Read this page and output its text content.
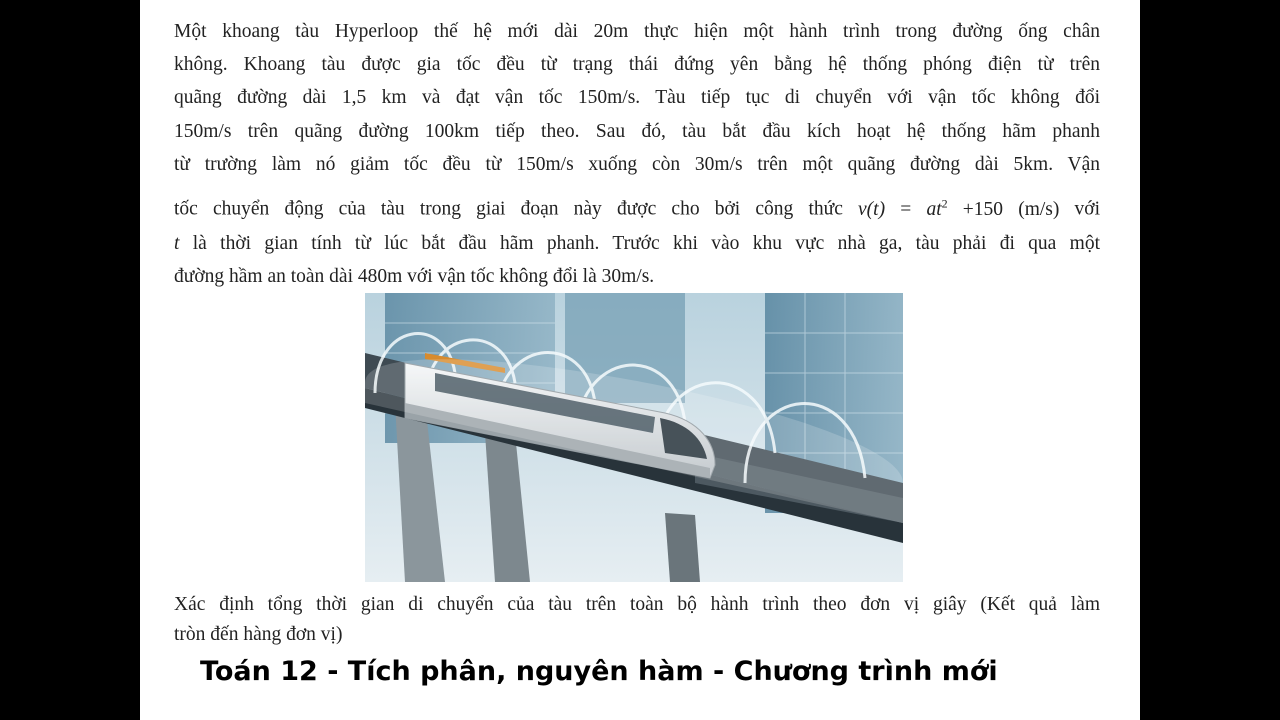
Một khoang tàu Hyperloop thế hệ mới dài 20m thực hiện một hành trình trong đường ống chân
không. Khoang tàu được gia tốc đều từ trạng thái đứng yên bằng hệ thống phóng điện từ trên
quãng đường dài 1,5 km và đạt vận tốc 150m/s. Tàu tiếp tục di chuyển với vận tốc không đổi
150m/s trên quãng đường 100km tiếp theo. Sau đó, tàu bắt đầu kích hoạt hệ thống hãm phanh
từ trường làm nó giảm tốc đều từ 150m/s xuống còn 30m/s trên một quãng đường dài 5km. Vận
tốc chuyển động của tàu trong giai đoạn này được cho bởi công thức $v(t) = at^2 +150$ (m/s) với
t là thời gian tính từ lúc bắt đầu hãm phanh. Trước khi vào khu vực nhà ga, tàu phải đi qua một
đường hầm an toàn dài 480m với vận tốc không đổi là 30m/s.
Xác định tổng thời gian di chuyển của tàu trên toàn bộ hành trình theo đơn vị giây (Kết quả làm
tròn đến hàng đơn vị)
Toán 12 - Tích phân, nguyên hàm - Chương trình mới
